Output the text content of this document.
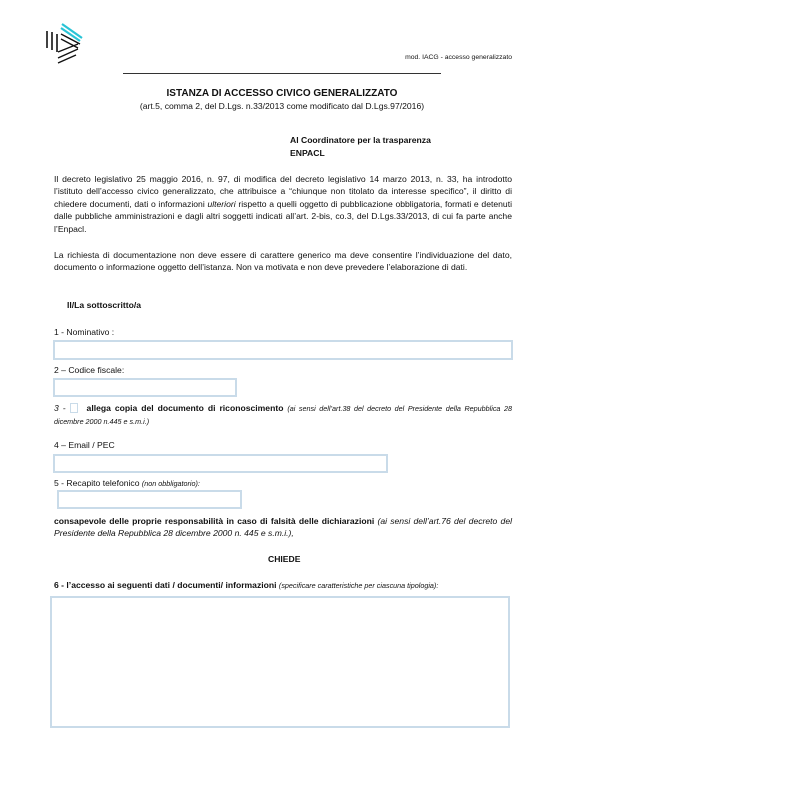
mod. IACG - accesso generalizzato
ISTANZA DI ACCESSO CIVICO GENERALIZZATO
(art.5, comma 2, del D.Lgs. n.33/2013 come modificato dal D.Lgs.97/2016)
Al Coordinatore per la trasparenza
ENPACL
Il decreto legislativo 25 maggio 2016, n. 97, di modifica del decreto legislativo 14 marzo 2013, n. 33, ha introdotto l’istituto dell’accesso civico generalizzato, che attribuisce a “chiunque non titolato da interesse specifico”, il diritto di chiedere documenti, dati o informazioni ulteriori rispetto a quelli oggetto di pubblicazione obbligatoria, formati e detenuti dalle pubbliche amministrazioni e dagli altri soggetti indicati all’art. 2-bis, co.3, del D.Lgs.33/2013, di cui fa parte anche l’Enpacl.
La richiesta di documentazione non deve essere di carattere generico ma deve consentire l’individuazione del dato, documento o informazione oggetto dell’istanza. Non va motivata e non deve prevedere l’elaborazione di dati.
Il/La sottoscritto/a
1 - Nominativo :
2 – Codice fiscale:
3 - allega copia del documento di riconoscimento (ai sensi dell’art.38 del decreto del Presidente della Repubblica 28 dicembre 2000 n.445 e s.m.i.)
4 – Email / PEC
5 - Recapito telefonico (non obbligatorio):
consapevole delle proprie responsabilità in caso di falsità delle dichiarazioni (ai sensi dell’art.76 del decreto del Presidente della Repubblica 28 dicembre 2000 n. 445 e s.m.i.),
CHIEDE
6 - l’accesso ai seguenti dati / documenti/ informazioni (specificare caratteristiche per ciascuna tipologia):
